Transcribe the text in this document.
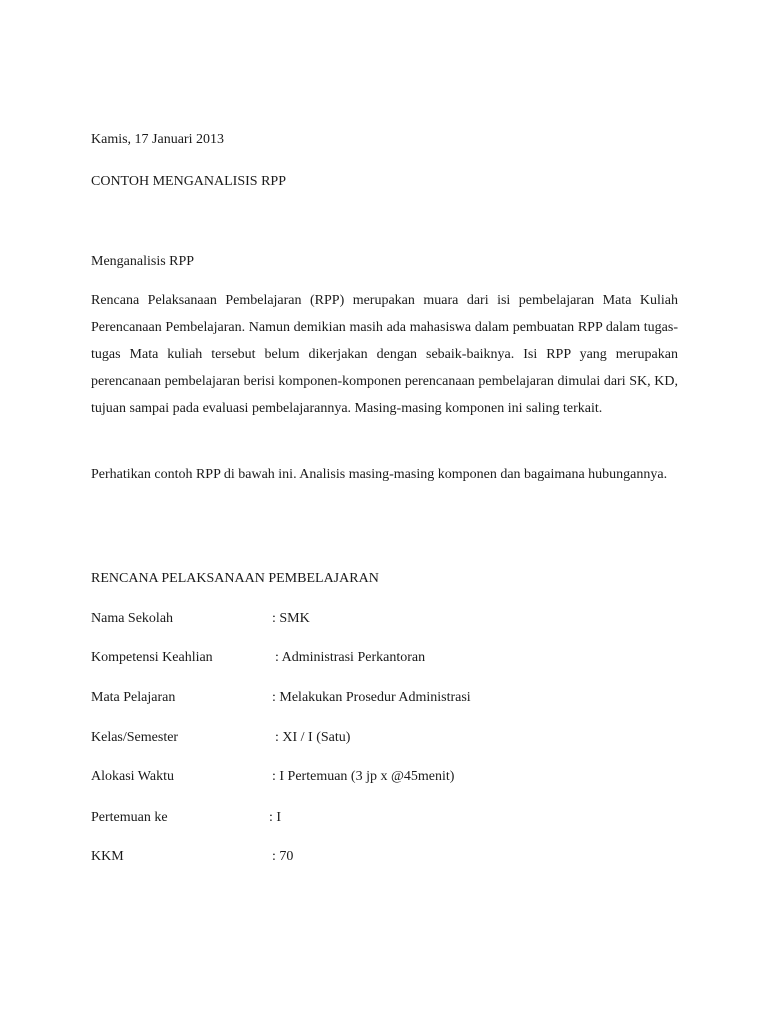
Kamis, 17 Januari 2013
CONTOH MENGANALISIS RPP
Menganalisis RPP
Rencana Pelaksanaan Pembelajaran (RPP) merupakan muara dari isi pembelajaran Mata Kuliah Perencanaan Pembelajaran. Namun demikian masih ada mahasiswa dalam pembuatan RPP dalam tugas-tugas Mata kuliah tersebut belum dikerjakan dengan sebaik-baiknya. Isi RPP yang merupakan perencanaan pembelajaran berisi komponen-komponen perencanaan pembelajaran dimulai dari SK, KD, tujuan sampai pada evaluasi pembelajarannya. Masing-masing komponen ini saling terkait.
Perhatikan contoh RPP di bawah ini. Analisis masing-masing komponen dan bagaimana hubungannya.
RENCANA PELAKSANAAN PEMBELAJARAN
Nama Sekolah	: SMK
Kompetensi Keahlian	: Administrasi Perkantoran
Mata Pelajaran	: Melakukan Prosedur Administrasi
Kelas/Semester	: XI / I (Satu)
Alokasi Waktu	: I Pertemuan (3 jp x @45menit)
Pertemuan ke	: I
KKM	: 70
